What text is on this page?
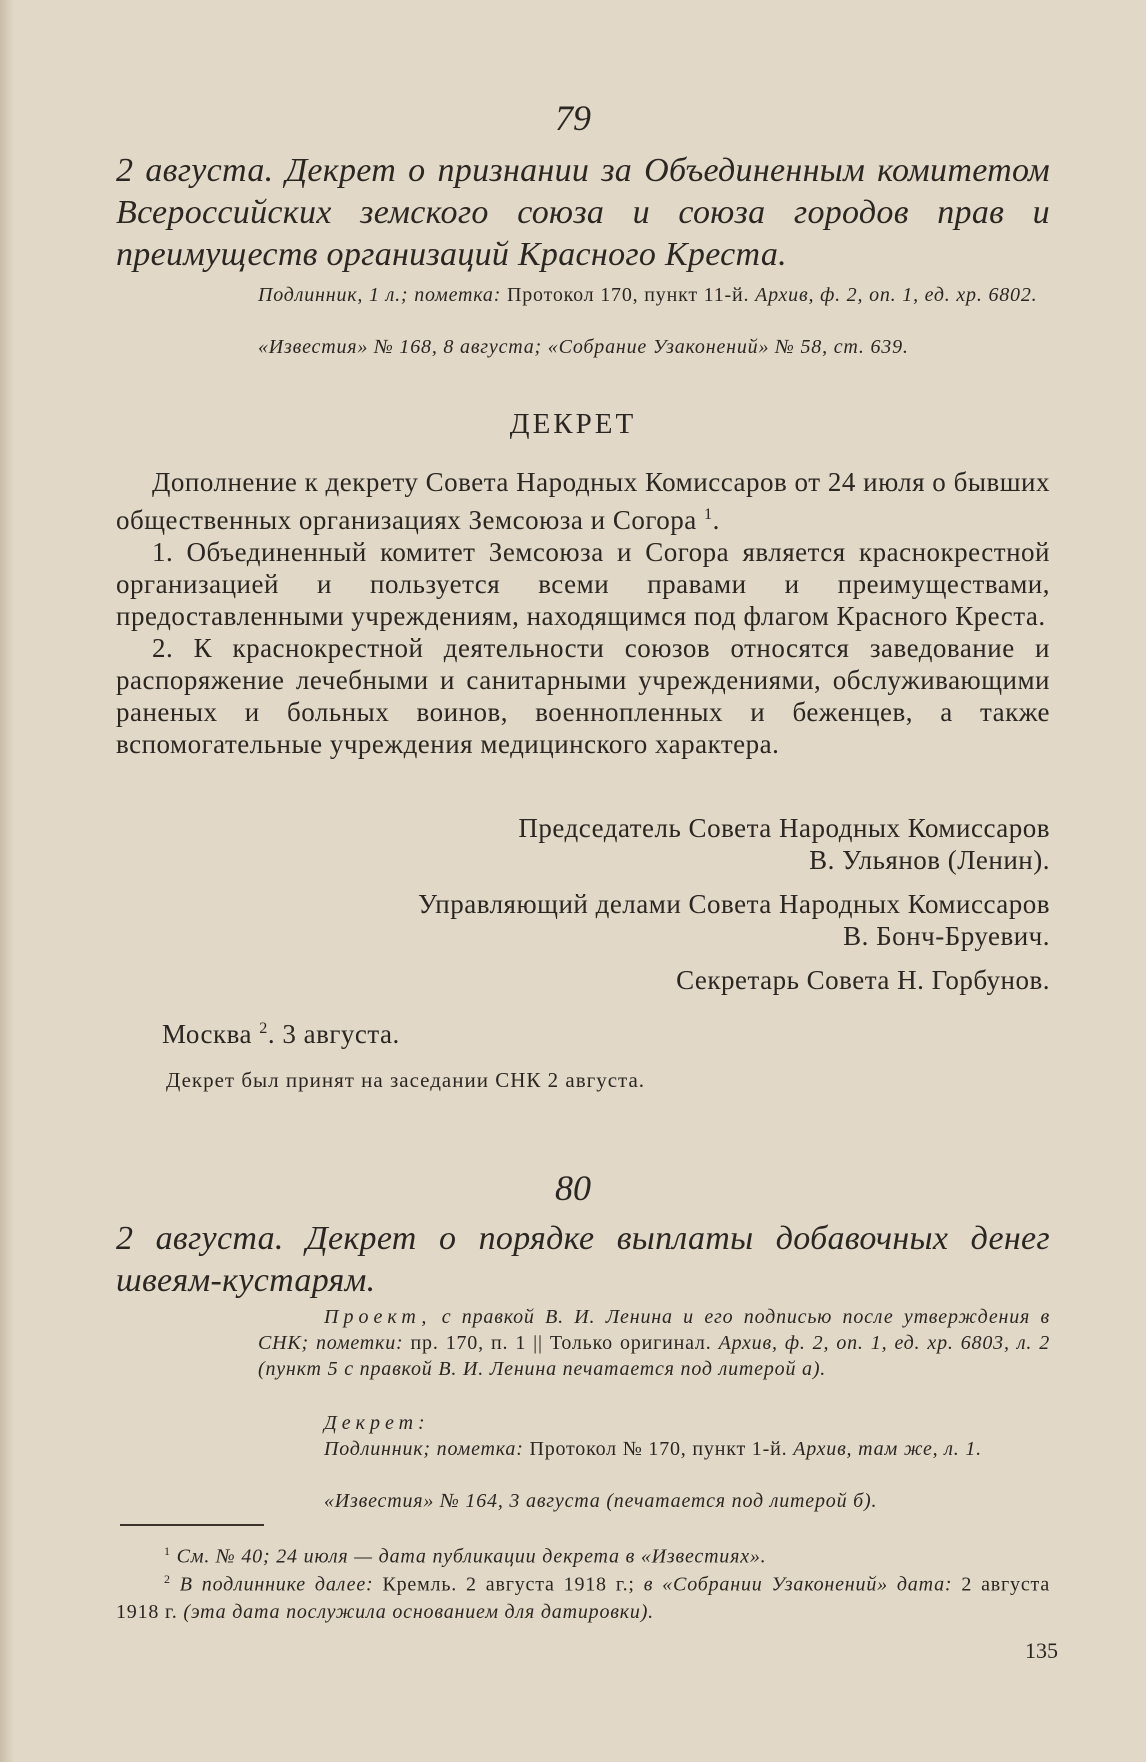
79
2 августа. Декрет о признании за Объединенным комитетом Всероссийских земского союза и союза городов прав и преимуществ организаций Красного Креста.
Подлинник, 1 л.; пометка: Протокол 170, пункт 11-й. Архив, ф. 2, оп. 1, ед. хр. 6802.
«Известия» № 168, 8 августа; «Собрание Узаконений» № 58, ст. 639.
ДЕКРЕТ

Дополнение к декрету Совета Народных Комиссаров от 24 июля о бывших общественных организациях Земсоюза и Согора $^1$.

1. Объединенный комитет Земсоюза и Согора является краснокрестной организацией и пользуется всеми правами и преимуществами, предоставленными учреждениям, находящимся под флагом Красного Креста.

2. К краснокрестной деятельности союзов относятся заведование и распоряжение лечебными и санитарными учреждениями, обслуживающими раненых и больных воинов, военнопленных и беженцев, а также вспомогательные учреждения медицинского характера.

Председатель Совета Народных Комиссаров
В. Ульянов (Ленин).
Управляющий делами Совета Народных Комиссаров
В. Бонч-Бруевич.
Секретарь Совета Н. Горбунов.
Москва $^2$. 3 августа.
Декрет был принят на заседании СНК 2 августа.
80
2 августа. Декрет о порядке выплаты добавочных денег швеям-кустарям.
Проект, с правкой В. И. Ленина и его подписью после утверждения в СНК; пометки: пр. 170, п. 1 || Только оригинал. Архив, ф. 2, оп. 1, ед. хр. 6803, л. 2 (пункт 5 с правкой В. И. Ленина печатается под литерой а).
Декрет:
Подлинник; пометка: Протокол № 170, пункт 1-й. Архив, там же, л. 1.
«Известия» № 164, 3 августа (печатается под литерой б).
$^1$ См. № 40; 24 июля — дата публикации декрета в «Известиях».
$^2$ В подлиннике далее: Кремль. 2 августа 1918 г.; в «Собрании Узаконений» дата: 2 августа 1918 г. (эта дата послужила основанием для датировки).
135
